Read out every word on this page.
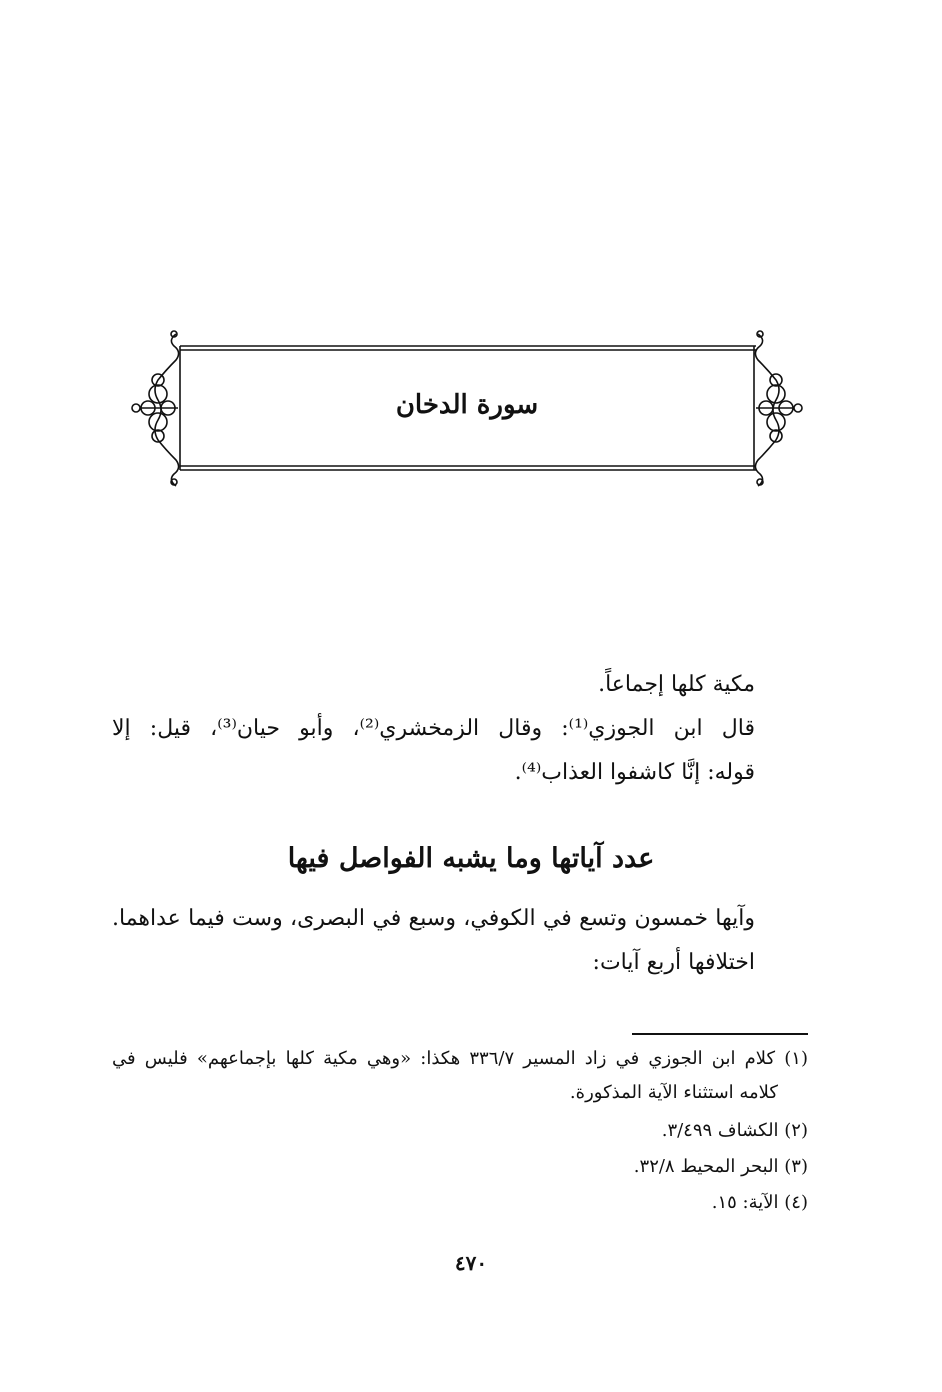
سورة الدخان
مكية كلها إجماعاً.
قال ابن الجوزي⁽¹⁾: وقال الزمخشري⁽²⁾، وأبو حيان⁽³⁾، قيل: إلا
قوله: إنَّا كاشفوا العذاب⁽⁴⁾.
عدد آياتها وما يشبه الفواصل فيها
وآيها خمسون وتسع في الكوفي، وسبع في البصرى، وست فيما عداهما.
اختلافها أربع آيات:
(١) كلام ابن الجوزي في زاد المسير ٣٣٦/٧ هكذا: «وهي مكية كلها بإجماعهم» فليس في
كلامه استثناء الآية المذكورة.
(٢) الكشاف ٣/٤٩٩.
(٣) البحر المحيط ٣٢/٨.
(٤) الآية: ١٥.
٤٧٠
